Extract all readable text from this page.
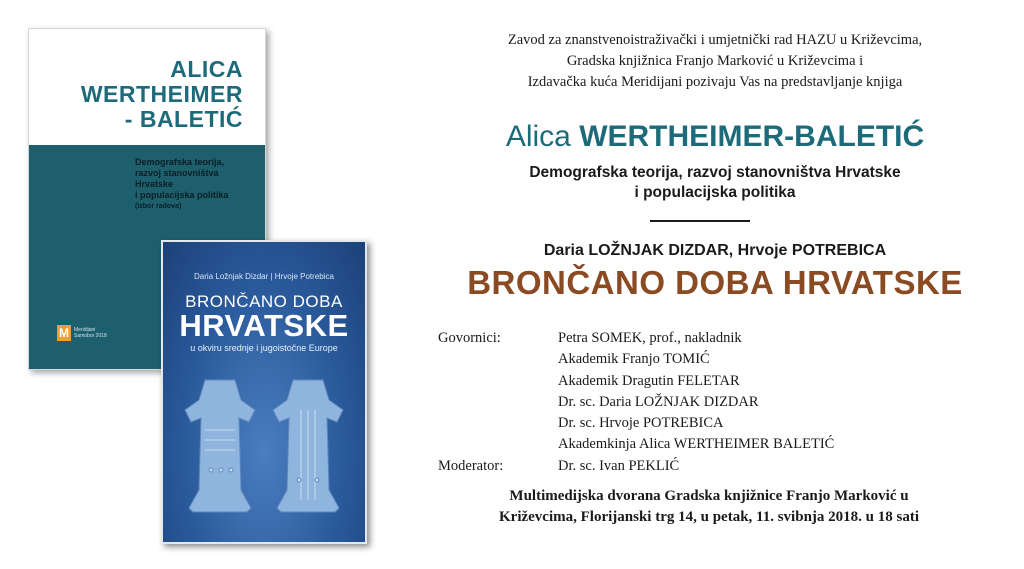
ALICA
WERTHEIMER
- BALETIĆ
Demografska teorija,
razvoj stanovništva Hrvatske
i populacijska politika
(izbor radova)
M	Meridijani Samobor 2018
Daria Ložnjak Dizdar | Hrvoje Potrebica
BRONČANO DOBA
HRVATSKE
u okviru srednje i jugoistočne Europe
Zavod za znanstvenoistraživački i umjetnički rad HAZU u Križevcima,
Gradska knjižnica Franjo Marković u Križevcima i
Izdavačka kuća Meridijani pozivaju Vas na predstavljanje knjiga
Alica WERTHEIMER-BALETIĆ
Demografska teorija, razvoj stanovništva Hrvatske
i populacijska politika
Daria LOŽNJAK DIZDAR, Hrvoje POTREBICA
BRONČANO DOBA HRVATSKE
Govornici:	Petra SOMEK, prof., nakladnik
Akademik Franjo TOMIĆ
Akademik Dragutin FELETAR
Dr. sc. Daria LOŽNJAK DIZDAR
Dr. sc. Hrvoje POTREBICA
Akademkinja Alica WERTHEIMER BALETIĆ
Moderator:	Dr. sc. Ivan PEKLIĆ
Multimedijska dvorana Gradska knjižnice Franjo Marković u
Križevcima, Florijanski trg 14, u petak, 11. svibnja 2018. u 18 sati
